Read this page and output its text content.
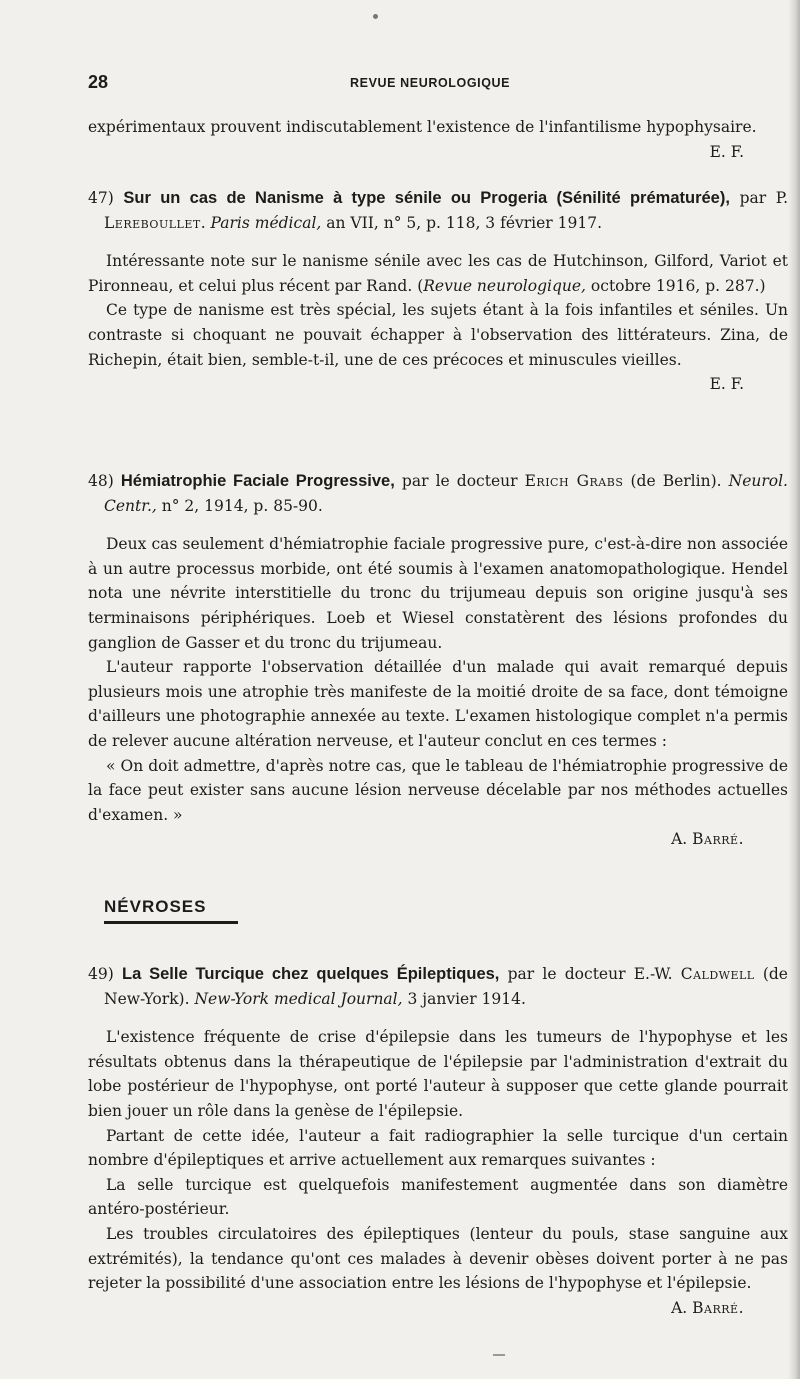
28	REVUE NEUROLOGIQUE

expérimentaux prouvent indiscutablement l'existence de l'infantilisme hypophysaire.
E. F.

47) Sur un cas de Nanisme à type sénile ou Progeria (Sénilité prématurée), par P. Lereboullet. Paris médical, an VII, n° 5, p. 118, 3 février 1917.

Intéressante note sur le nanisme sénile avec les cas de Hutchinson, Gilford, Variot et Pironneau, et celui plus récent par Rand. (Revue neurologique, octobre 1916, p. 287.)

Ce type de nanisme est très spécial, les sujets étant à la fois infantiles et séniles. Un contraste si choquant ne pouvait échapper à l'observation des littérateurs. Zina, de Richepin, était bien, semble-t-il, une de ces précoces et minuscules vieilles.

E. F.

48) Hémiatrophie Faciale Progressive, par le docteur Erich Grabs (de Berlin). Neurol. Centr., n° 2, 1914, p. 85-90.

Deux cas seulement d'hémiatrophie faciale progressive pure, c'est-à-dire non associée à un autre processus morbide, ont été soumis à l'examen anatomopathologique. Hendel nota une névrite interstitielle du tronc du trijumeau depuis son origine jusqu'à ses terminaisons périphériques. Loeb et Wiesel constatèrent des lésions profondes du ganglion de Gasser et du tronc du trijumeau.

L'auteur rapporte l'observation détaillée d'un malade qui avait remarqué depuis plusieurs mois une atrophie très manifeste de la moitié droite de sa face, dont témoigne d'ailleurs une photographie annexée au texte. L'examen histologique complet n'a permis de relever aucune altération nerveuse, et l'auteur conclut en ces termes :

« On doit admettre, d'après notre cas, que le tableau de l'hémiatrophie progressive de la face peut exister sans aucune lésion nerveuse décelable par nos méthodes actuelles d'examen. »

A. Barré.

NÉVROSES

49) La Selle Turcique chez quelques Épileptiques, par le docteur E.-W. Caldwell (de New-York). New-York medical Journal, 3 janvier 1914.

L'existence fréquente de crise d'épilepsie dans les tumeurs de l'hypophyse et les résultats obtenus dans la thérapeutique de l'épilepsie par l'administration d'extrait du lobe postérieur de l'hypophyse, ont porté l'auteur à supposer que cette glande pourrait bien jouer un rôle dans la genèse de l'épilepsie.

Partant de cette idée, l'auteur a fait radiographier la selle turcique d'un certain nombre d'épileptiques et arrive actuellement aux remarques suivantes :

La selle turcique est quelquefois manifestement augmentée dans son diamètre antéro-postérieur.

Les troubles circulatoires des épileptiques (lenteur du pouls, stase sanguine aux extrémités), la tendance qu'ont ces malades à devenir obèses doivent porter à ne pas rejeter la possibilité d'une association entre les lésions de l'hypophyse et l'épilepsie.

A. Barré.
